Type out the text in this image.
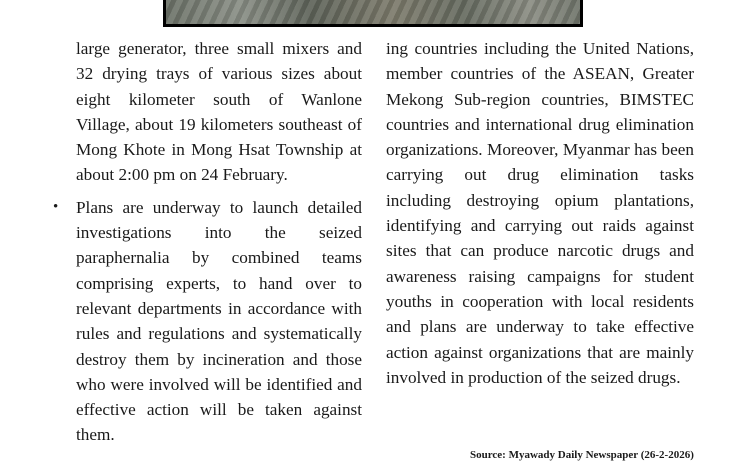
large generator, three small mixers and 32 drying trays of various sizes about eight kilometer south of Wanlone Village, about 19 kilometers southeast of Mong Khote in Mong Hsat Township at about 2:00 pm on 24 February.

• Plans are underway to launch detailed investigations into the seized paraphernalia by combined teams comprising experts, to hand over to relevant departments in accordance with rules and regulations and systematically destroy them by incineration and those who were involved will be identified and effective action will be taken against them.

ing countries including the United Nations, member countries of the ASEAN, Greater Mekong Sub-region countries, BIMSTEC countries and international drug elimination organizations. Moreover, Myanmar has been carrying out drug elimination tasks including destroying opium plantations, identifying and carrying out raids against sites that can produce narcotic drugs and awareness raising campaigns for student youths in cooperation with local residents and plans are underway to take effective action against organizations that are mainly involved in production of the seized drugs.

Source: Myawady Daily Newspaper (26-2-2026)
